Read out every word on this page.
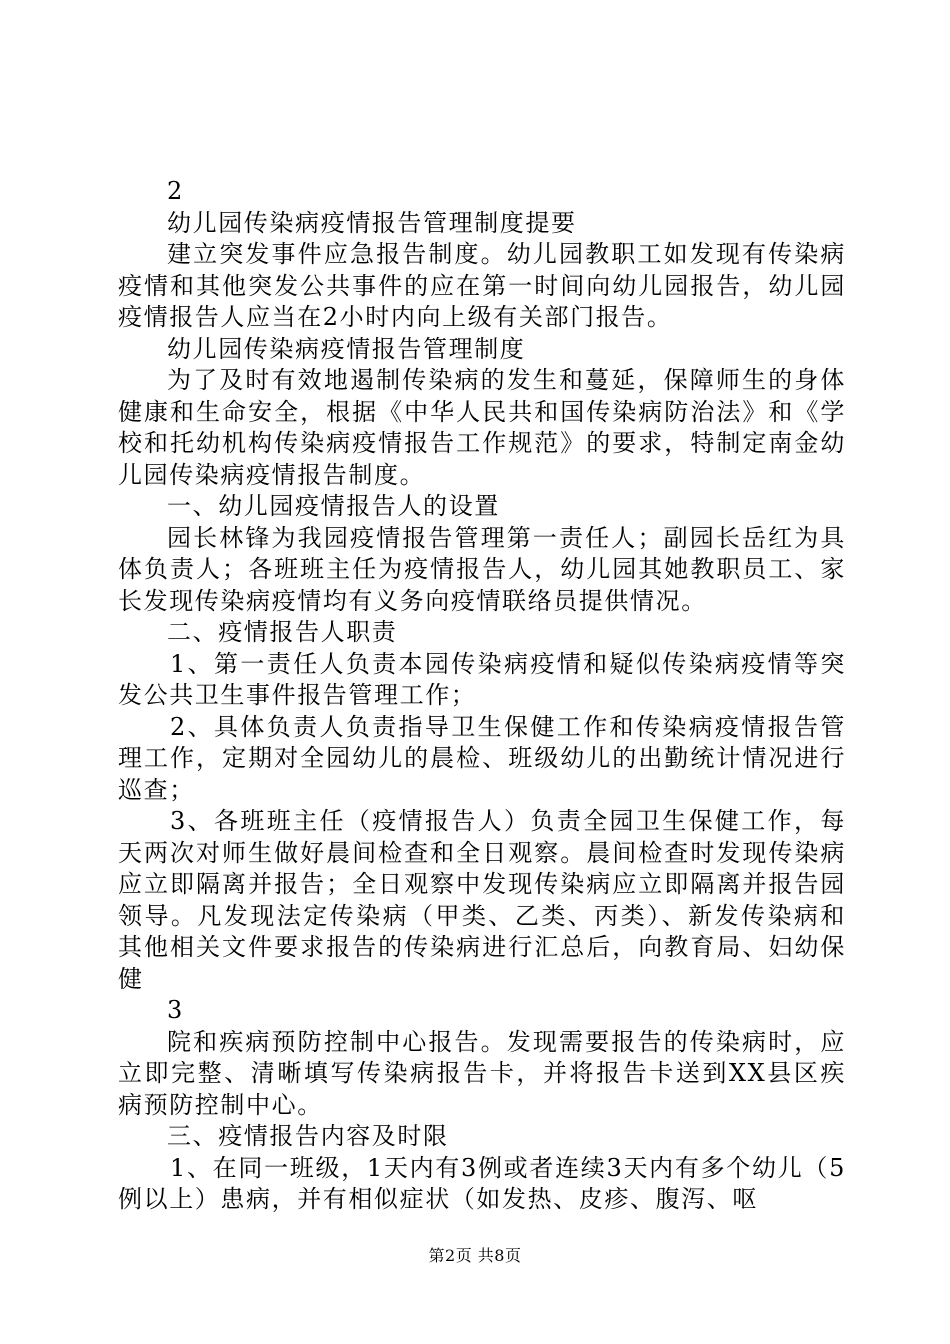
2

幼儿园传染病疫情报告管理制度提要

建立突发事件应急报告制度。幼儿园教职工如发现有传染病疫情和其他突发公共事件的应在第一时间向幼儿园报告，幼儿园疫情报告人应当在2小时内向上级有关部门报告。

幼儿园传染病疫情报告管理制度

为了及时有效地遏制传染病的发生和蔓延，保障师生的身体健康和生命安全，根据《中华人民共和国传染病防治法》和《学校和托幼机构传染病疫情报告工作规范》的要求，特制定南金幼儿园传染病疫情报告制度。

一、幼儿园疫情报告人的设置

园长林锋为我园疫情报告管理第一责任人；副园长岳红为具体负责人；各班班主任为疫情报告人，幼儿园其她教职员工、家长发现传染病疫情均有义务向疫情联络员提供情况。

二、疫情报告人职责

1、第一责任人负责本园传染病疫情和疑似传染病疫情等突发公共卫生事件报告管理工作；

2、具体负责人负责指导卫生保健工作和传染病疫情报告管理工作，定期对全园幼儿的晨检、班级幼儿的出勤统计情况进行巡查；

3、各班班主任（疫情报告人）负责全园卫生保健工作，每天两次对师生做好晨间检查和全日观察。晨间检查时发现传染病应立即隔离并报告；全日观察中发现传染病应立即隔离并报告园领导。凡发现法定传染病（甲类、乙类、丙类）、新发传染病和其他相关文件要求报告的传染病进行汇总后，向教育局、妇幼保健

3

院和疾病预防控制中心报告。发现需要报告的传染病时，应立即完整、清晰填写传染病报告卡，并将报告卡送到XX县区疾病预防控制中心。

三、疫情报告内容及时限

1、在同一班级，1天内有3例或者连续3天内有多个幼儿（5例以上）患病，并有相似症状（如发热、皮疹、腹泻、呕

第2页 共8页
